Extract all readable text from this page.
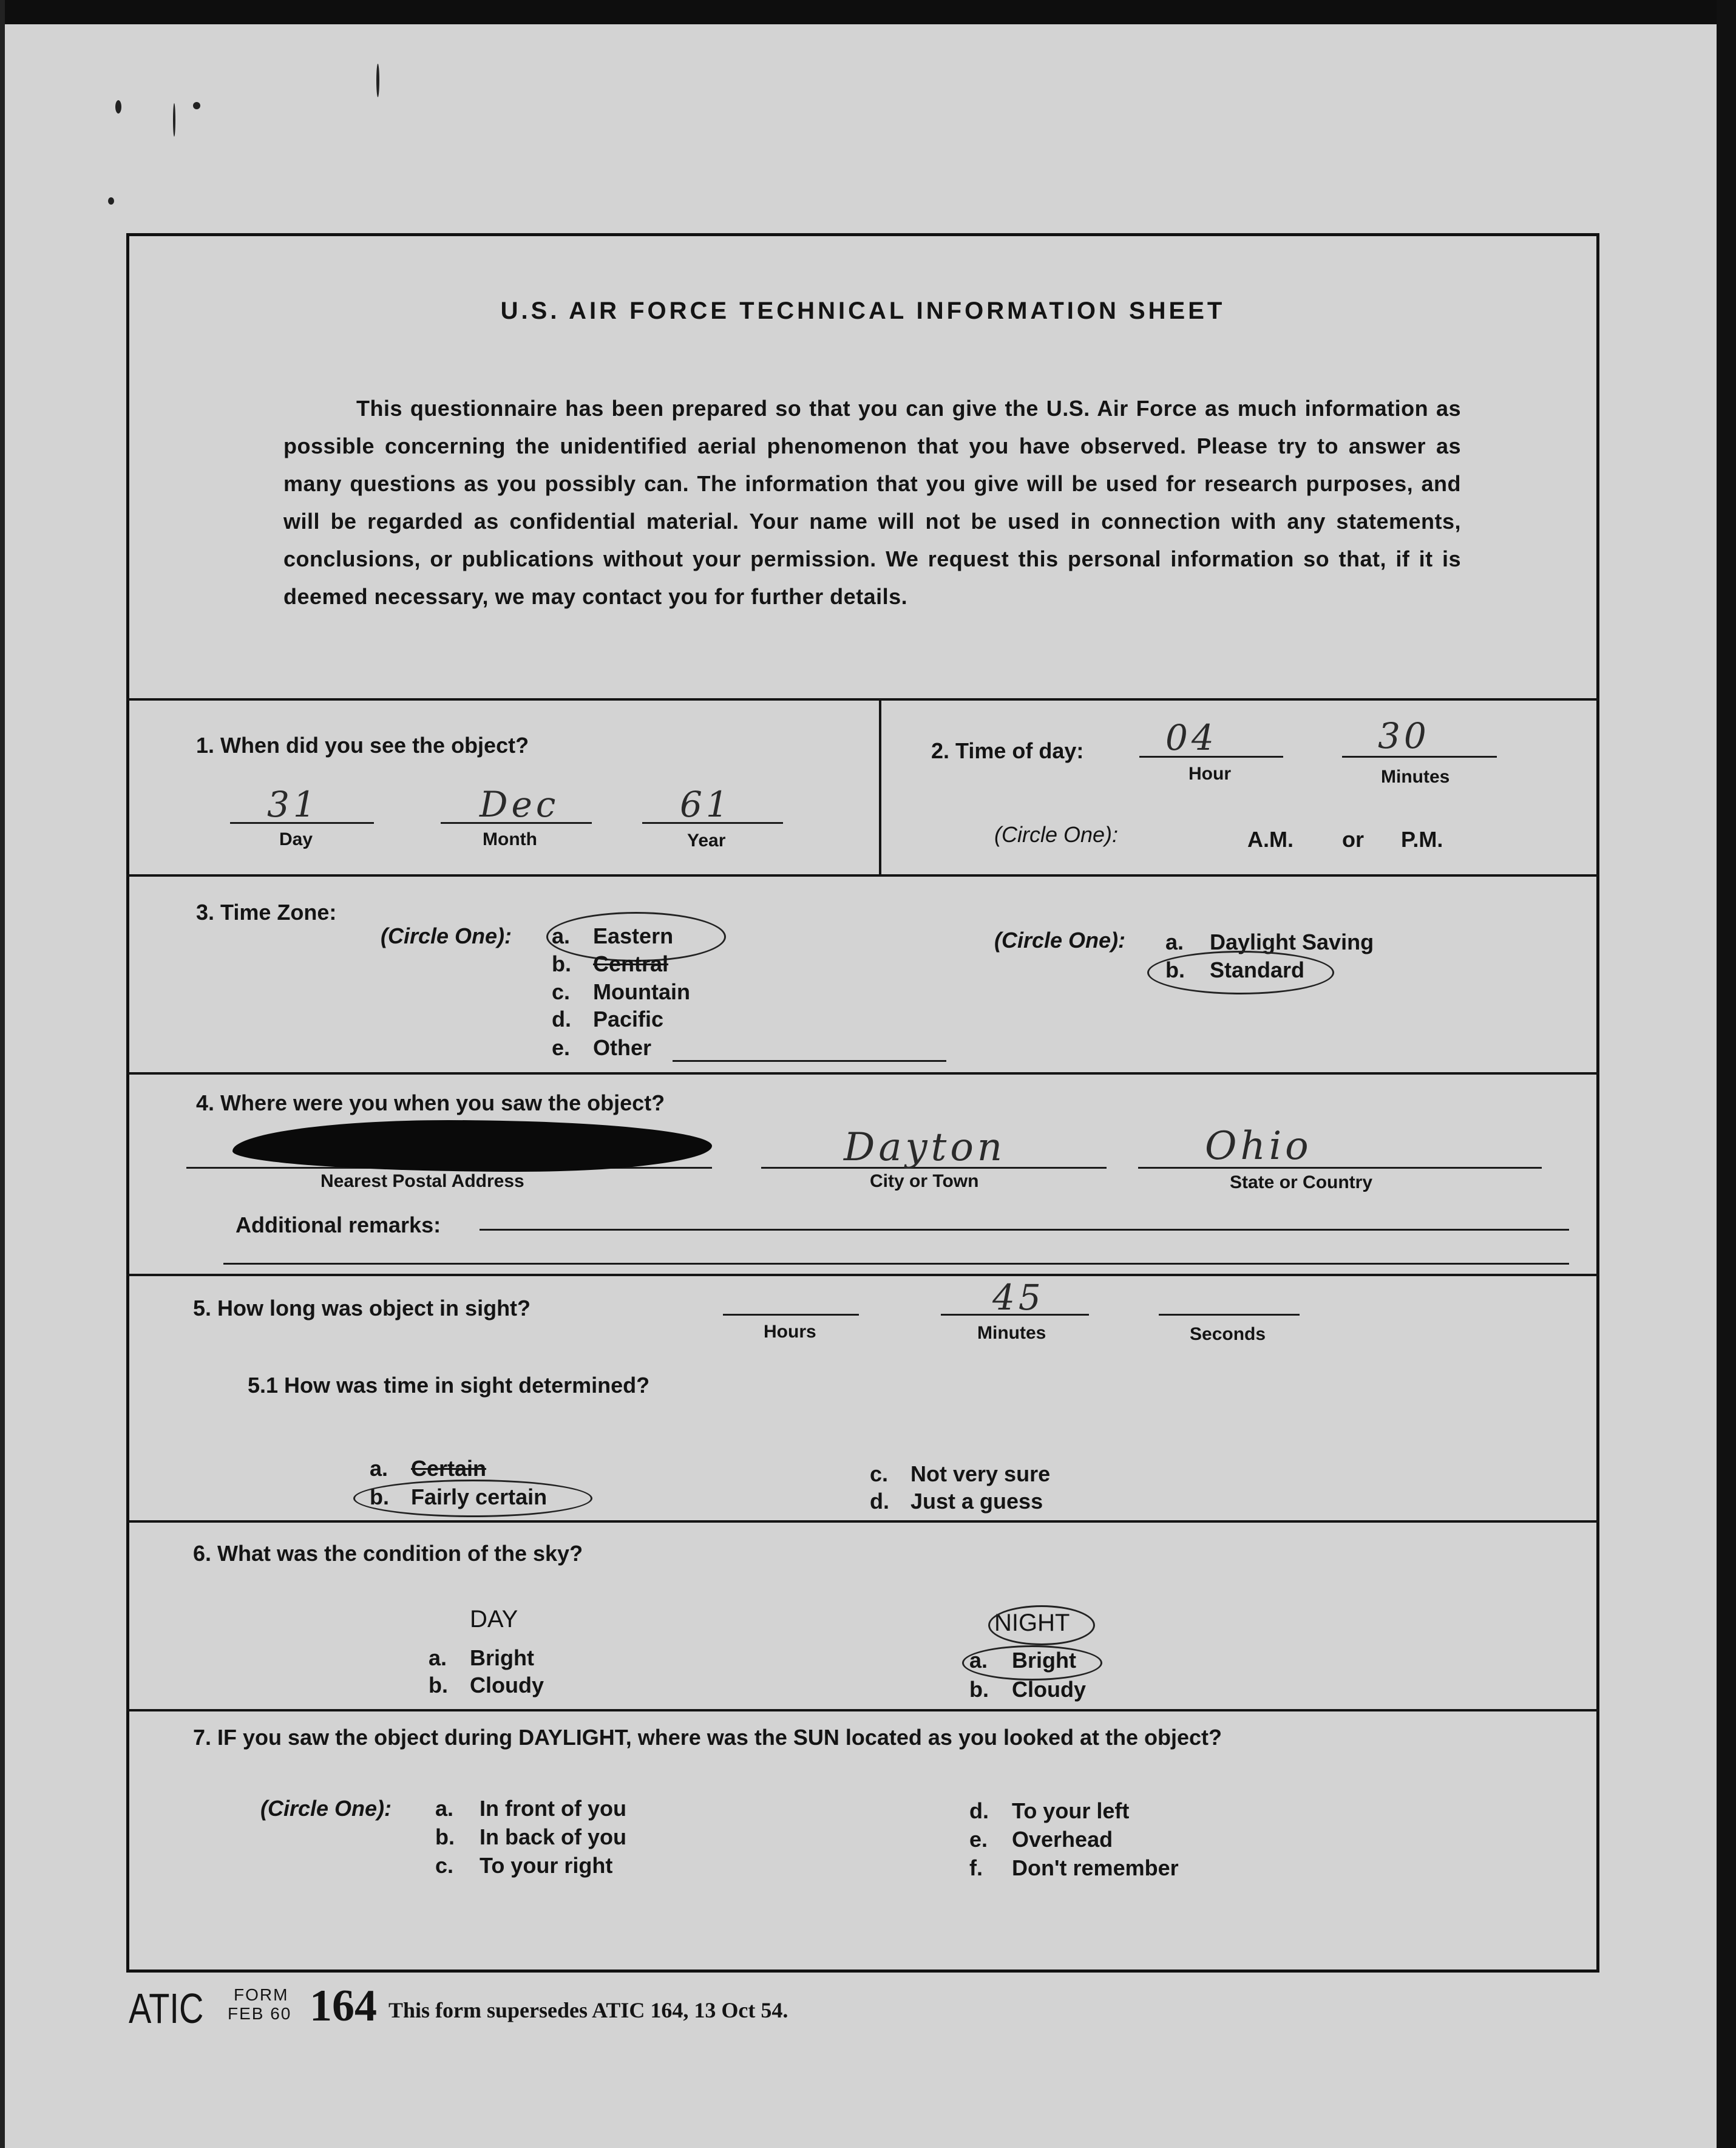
U.S. AIR FORCE TECHNICAL INFORMATION SHEET
This questionnaire has been prepared so that you can give the U.S. Air Force as much information as possible concerning the unidentified aerial phenomenon that you have observed. Please try to answer as many questions as you possibly can. The information that you give will be used for research purposes, and will be regarded as confidential material. Your name will not be used in connection with any statements, conclusions, or publications without your permission. We request this personal information so that, if it is deemed necessary, we may contact you for further details.
1. When did you see the object?
31
Day
Dec
Month
61
Year
2. Time of day: 04
Hour
30
Minutes
(Circle One):	A.M. or P.M.
3. Time Zone:
(Circle One): a. Eastern
b. Central
c. Mountain
d. Pacific
e. Other
(Circle One): a. Daylight Saving
b. Standard
4. Where were you when you saw the object?
Nearest Postal Address
Dayton
City or Town
Ohio
State or Country
Additional remarks:
5. How long was object in sight?
Hours
45
Minutes	Seconds
5.1 How was time in sight determined?
a. Certain
b. Fairly certain
c. Not very sure
d. Just a guess
6. What was the condition of the sky?
DAY
a. Bright
b. Cloudy
NIGHT
a. Bright
b. Cloudy
7. IF you saw the object during DAYLIGHT, where was the SUN located as you looked at the object?
(Circle One): a. In front of you
b. In back of you
c. To your right
d. To your left
e. Overhead
f. Don't remember
ATIC FORM
FEB 60 164 This form supersedes ATIC 164, 13 Oct 54.
